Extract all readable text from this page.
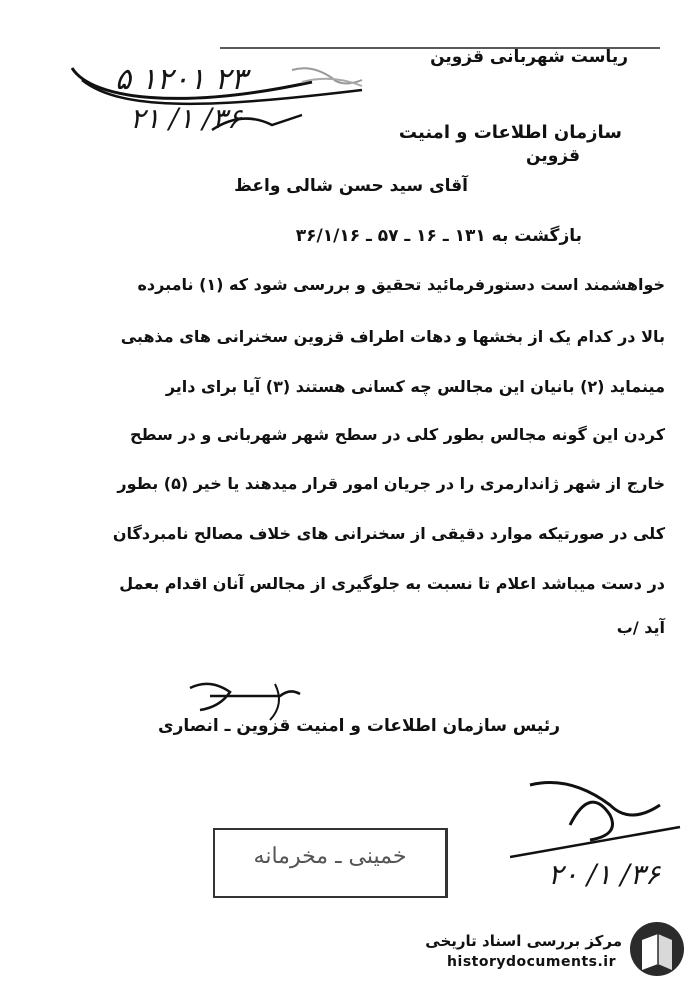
ریاست شهربانی قزوین
۲۳ ۱۲۰۱ ۵
۳۶/ ۱/ ۲۱	سازمان اطلاعات و امنیت
قزوین
آقای سید حسن شالی واعظ
بازگشت به ۱۳۱ ـ ۱۶ ـ ۵۷ ـ ۳۶/۱/۱۶
خواهشمند است دستورفرمائید تحقیق و بررسی شود که (۱) نامبرده
بالا در کدام یک از بخشها و دهات اطراف قزوین سخنرانی های مذهبی
مینماید (۲) بانیان این مجالس چه کسانی هستند (۳) آیا برای دایر
کردن این گونه مجالس بطور کلی در سطح شهر شهربانی و در سطح
خارج از شهر ژاندارمری را در جریان امور قرار میدهند یا خیر (۵) بطور
کلی در صورتیکه موارد دقیقی از سخنرانی های خلاف مصالح نامبردگان
در دست میباشد اعلام تا نسبت به جلوگیری از مجالس آنان اقدام بعمل
آید /ب
رئیس سازمان اطلاعات و امنیت قزوین ـ انصاری
۳۶/ ۱/ ۲۰
خمینی ـ مخرمانه
مرکز بررسی اسناد تاریخی
historydocuments.ir
